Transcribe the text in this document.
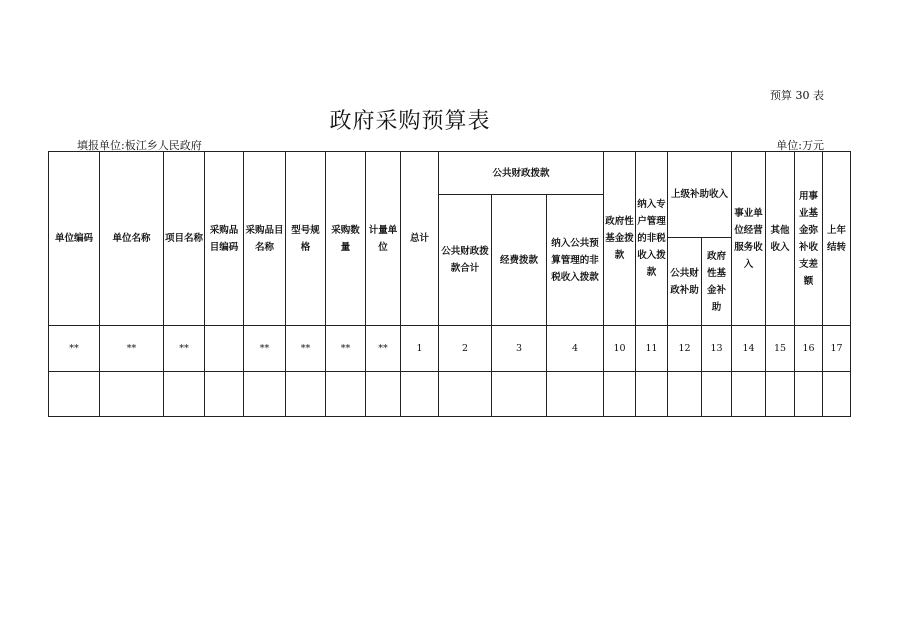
预算 30 表
政府采购预算表
填报单位:板江乡人民政府	单位:万元
单位编码	单位名称	项目名称	采购品目编码	采购品目名称	型号规格	采购数量	计量单位	总计	公共财政拨款			政府性基金拨款	纳入专户管理的非税收入拨款	上级补助收入		事业单位经营服务收入	其他收入	用事业基金弥补收支差额	上年结转
									公共财政拨款合计	经费拨款	纳入公共预算管理的非税收入拨款								
														公共财政补助	政府性基金补助				
**	**	**		**	**	**	**	1	2	3	4	10	11	12	13	14	15	16	17
